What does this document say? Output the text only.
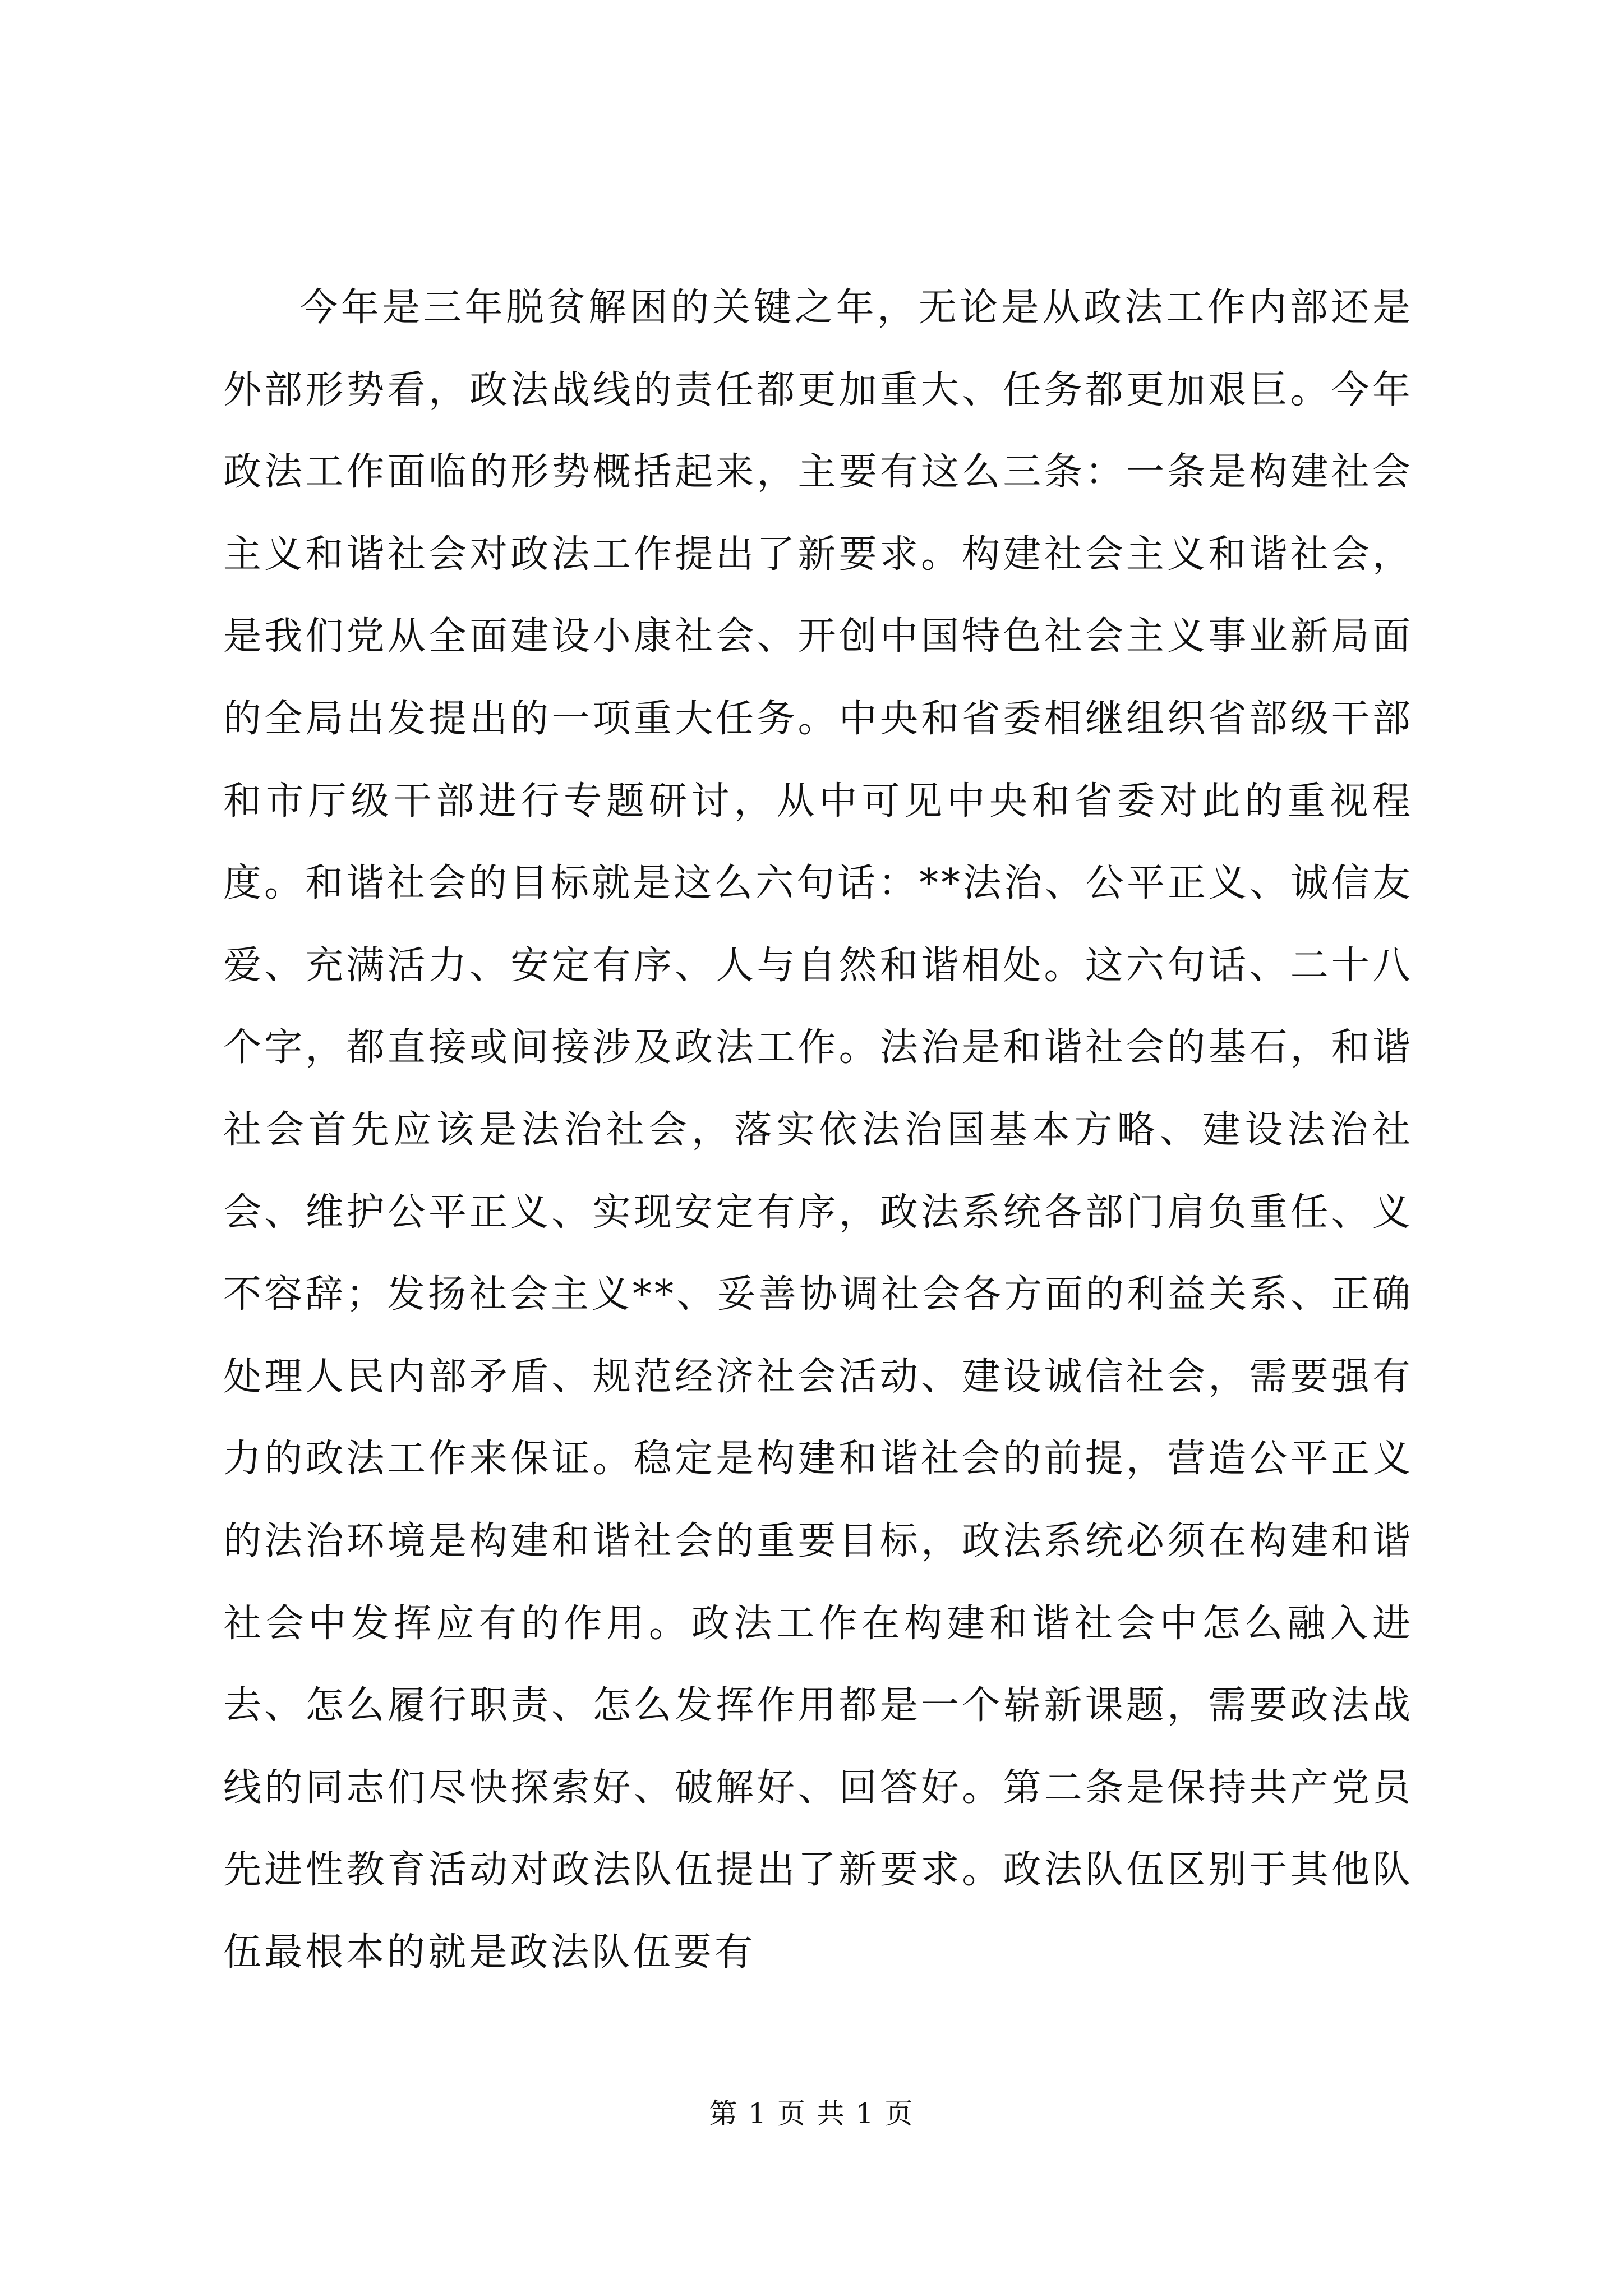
今年是三年脱贫解困的关键之年，无论是从政法工作内部还是外部形势看，政法战线的责任都更加重大、任务都更加艰巨。今年政法工作面临的形势概括起来，主要有这么三条：一条是构建社会主义和谐社会对政法工作提出了新要求。构建社会主义和谐社会，是我们党从全面建设小康社会、开创中国特色社会主义事业新局面的全局出发提出的一项重大任务。中央和省委相继组织省部级干部和市厅级干部进行专题研讨，从中可见中央和省委对此的重视程度。和谐社会的目标就是这么六句话：**法治、公平正义、诚信友爱、充满活力、安定有序、人与自然和谐相处。这六句话、二十八个字，都直接或间接涉及政法工作。法治是和谐社会的基石，和谐社会首先应该是法治社会，落实依法治国基本方略、建设法治社会、维护公平正义、实现安定有序，政法系统各部门肩负重任、义不容辞；发扬社会主义**、妥善协调社会各方面的利益关系、正确处理人民内部矛盾、规范经济社会活动、建设诚信社会，需要强有力的政法工作来保证。稳定是构建和谐社会的前提，营造公平正义的法治环境是构建和谐社会的重要目标，政法系统必须在构建和谐社会中发挥应有的作用。政法工作在构建和谐社会中怎么融入进去、怎么履行职责、怎么发挥作用都是一个崭新课题，需要政法战线的同志们尽快探索好、破解好、回答好。第二条是保持共产党员先进性教育活动对政法队伍提出了新要求。政法队伍区别于其他队伍最根本的就是政法队伍要有

第 1 页 共 1 页
